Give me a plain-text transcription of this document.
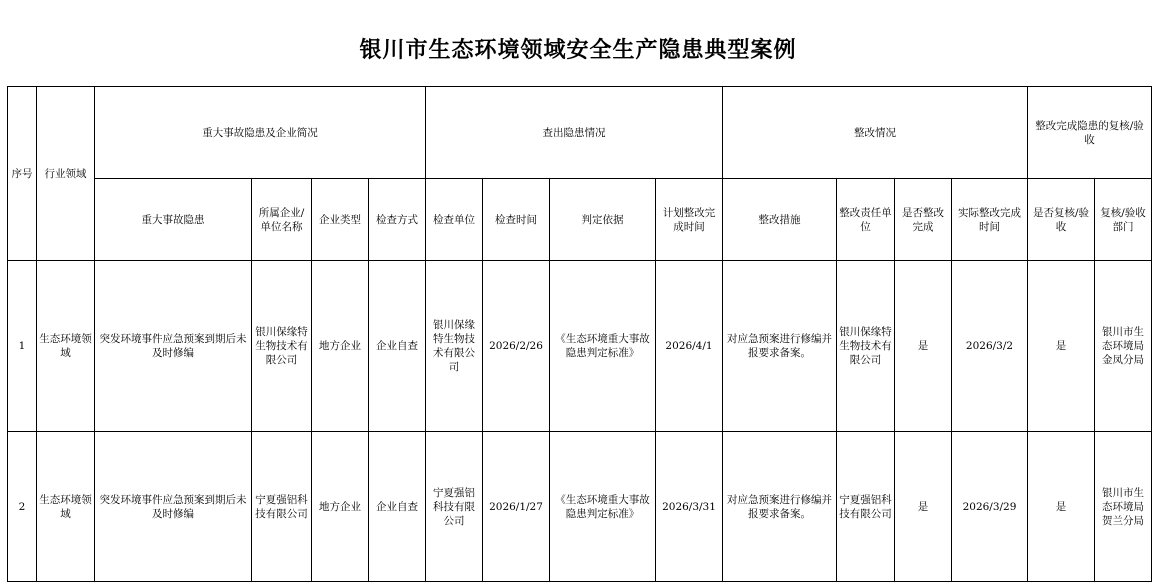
银川市生态环境领域安全生产隐患典型案例
序号	行业领域	重大事故隐患及企业简况				查出隐患情况				整改情况				整改完成隐患的复核/验收	
		重大事故隐患	所属企业/单位名称	企业类型	检查方式	检查单位	检查时间	判定依据	计划整改完成时间	整改措施	整改责任单位	是否整改完成	实际整改完成时间	是否复核/验收	复核/验收部门
1	生态环境领域	突发环境事件应急预案到期后未及时修编	银川保缘特生物技术有限公司	地方企业	企业自查	银川保缘特生物技术有限公司	2026/2/26	《生态环境重大事故隐患判定标准》	2026/4/1	对应急预案进行修编并报要求备案。	银川保缘特生物技术有限公司	是	2026/3/2	是	银川市生态环境局金凤分局
2	生态环境领域	突发环境事件应急预案到期后未及时修编	宁夏强铝科技有限公司	地方企业	企业自查	宁夏强铝科技有限公司	2026/1/27	《生态环境重大事故隐患判定标准》	2026/3/31	对应急预案进行修编并报要求备案。	宁夏强铝科技有限公司	是	2026/3/29	是	银川市生态环境局贺兰分局
